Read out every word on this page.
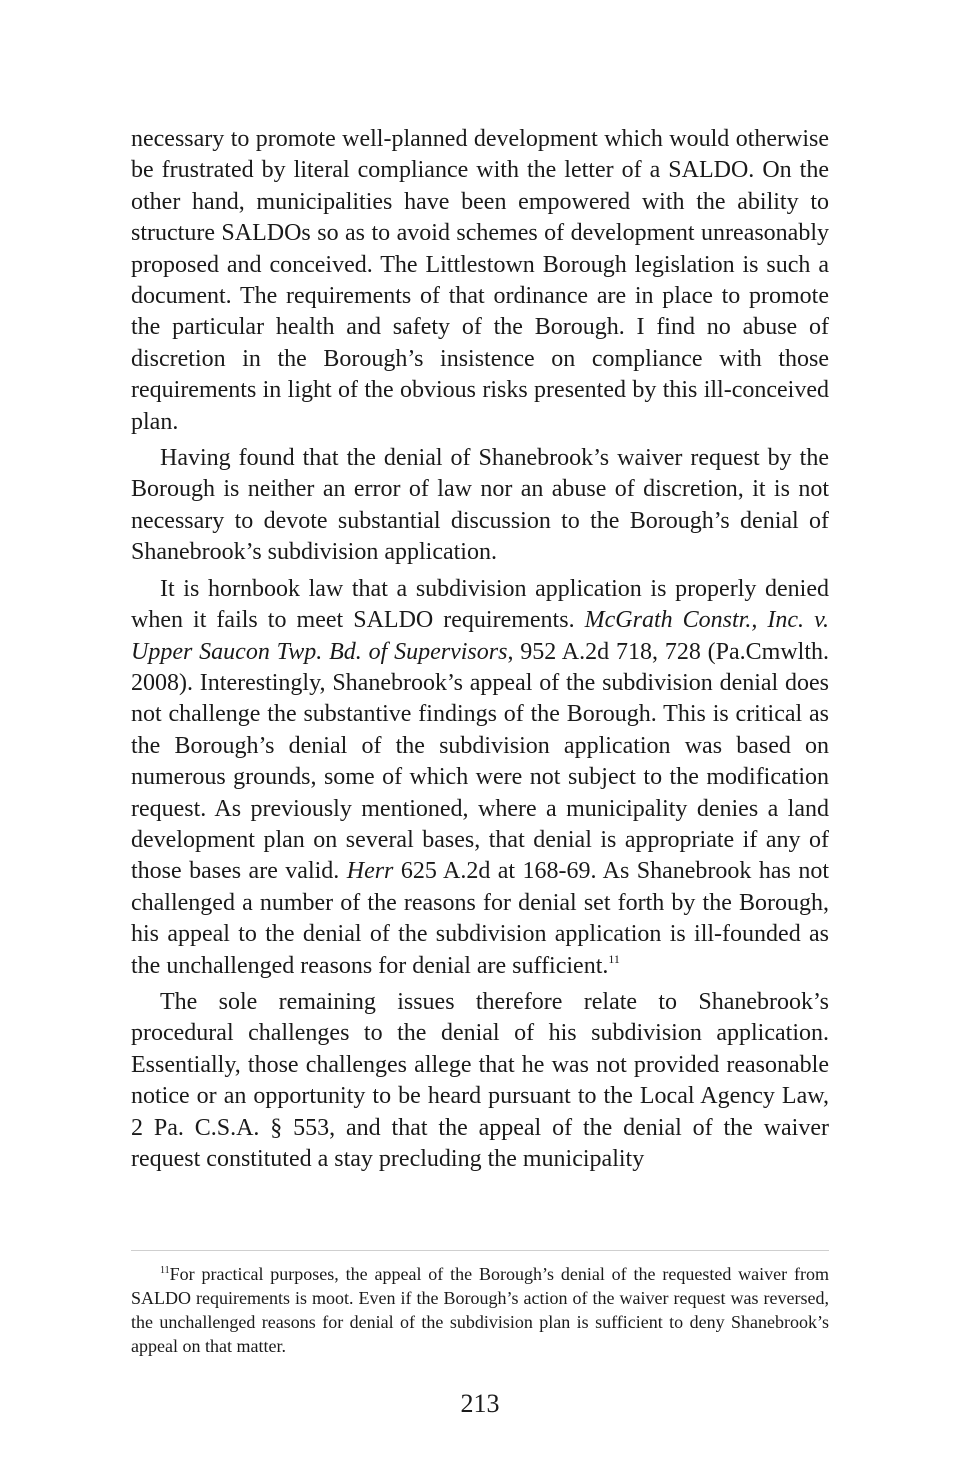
necessary to promote well-planned development which would otherwise be frustrated by literal compliance with the letter of a SALDO. On the other hand, municipalities have been empowered with the ability to structure SALDOs so as to avoid schemes of development unreasonably proposed and conceived. The Littlestown Borough legislation is such a document. The requirements of that ordinance are in place to promote the particular health and safety of the Borough. I find no abuse of discretion in the Borough’s insistence on compliance with those requirements in light of the obvious risks presented by this ill-conceived plan.

Having found that the denial of Shanebrook’s waiver request by the Borough is neither an error of law nor an abuse of discretion, it is not necessary to devote substantial discussion to the Borough’s denial of Shanebrook’s subdivision application.

It is hornbook law that a subdivision application is properly denied when it fails to meet SALDO requirements. McGrath Constr., Inc. v. Upper Saucon Twp. Bd. of Supervisors, 952 A.2d 718, 728 (Pa.Cmwlth. 2008). Interestingly, Shanebrook’s appeal of the subdivision denial does not challenge the substantive findings of the Borough. This is critical as the Borough’s denial of the subdivision application was based on numerous grounds, some of which were not subject to the modification request. As previously mentioned, where a municipality denies a land development plan on several bases, that denial is appropriate if any of those bases are valid. Herr 625 A.2d at 168-69. As Shanebrook has not challenged a number of the reasons for denial set forth by the Borough, his appeal to the denial of the subdivision application is ill-founded as the unchallenged reasons for denial are sufficient.$^{11}$

The sole remaining issues therefore relate to Shanebrook’s procedural challenges to the denial of his subdivision application. Essentially, those challenges allege that he was not provided reasonable notice or an opportunity to be heard pursuant to the Local Agency Law, 2 Pa. C.S.A. § 553, and that the appeal of the denial of the waiver request constituted a stay precluding the municipality

$^{11}$For practical purposes, the appeal of the Borough’s denial of the requested waiver from SALDO requirements is moot. Even if the Borough’s action of the waiver request was reversed, the unchallenged reasons for denial of the subdivision plan is sufficient to deny Shanebrook’s appeal on that matter.

213
